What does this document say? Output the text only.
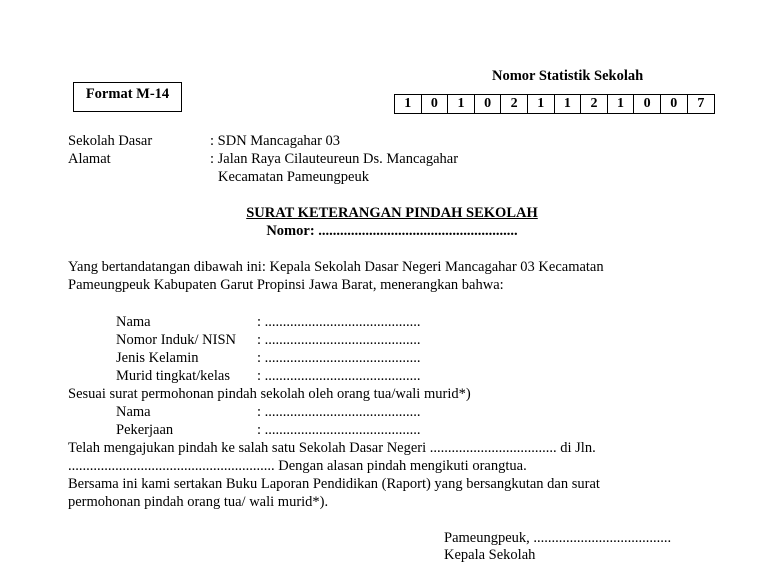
Format M-14
Nomor Statistik Sekolah
1	0	1	0	2	1	1	2	1	0	0	7
Sekolah Dasar	: SDN Mancagahar 03
Alamat	: Jalan Raya Cilauteureun Ds. Mancagahar
Kecamatan Pameungpeuk
SURAT KETERANGAN PINDAH SEKOLAH
Nomor: .......................................................
Yang bertandatangan dibawah ini: Kepala Sekolah Dasar Negeri Mancagahar 03 Kecamatan
Pameungpeuk Kabupaten Garut Propinsi Jawa Barat, menerangkan bahwa:
Nama	: ...........................................
Nomor Induk/ NISN : ...........................................
Jenis Kelamin	: ...........................................
Murid tingkat/kelas : ...........................................
Sesuai surat permohonan pindah sekolah oleh orang tua/wali murid*)
Nama	: ...........................................
Pekerjaan	: ...........................................
Telah mengajukan pindah ke salah satu Sekolah Dasar Negeri ................................... di Jln.
......................................................... Dengan alasan pindah mengikuti orangtua.
Bersama ini kami sertakan Buku Laporan Pendidikan (Raport) yang bersangkutan dan surat
permohonan pindah orang tua/ wali murid*).
Pameungpeuk, ......................................
Kepala Sekolah
